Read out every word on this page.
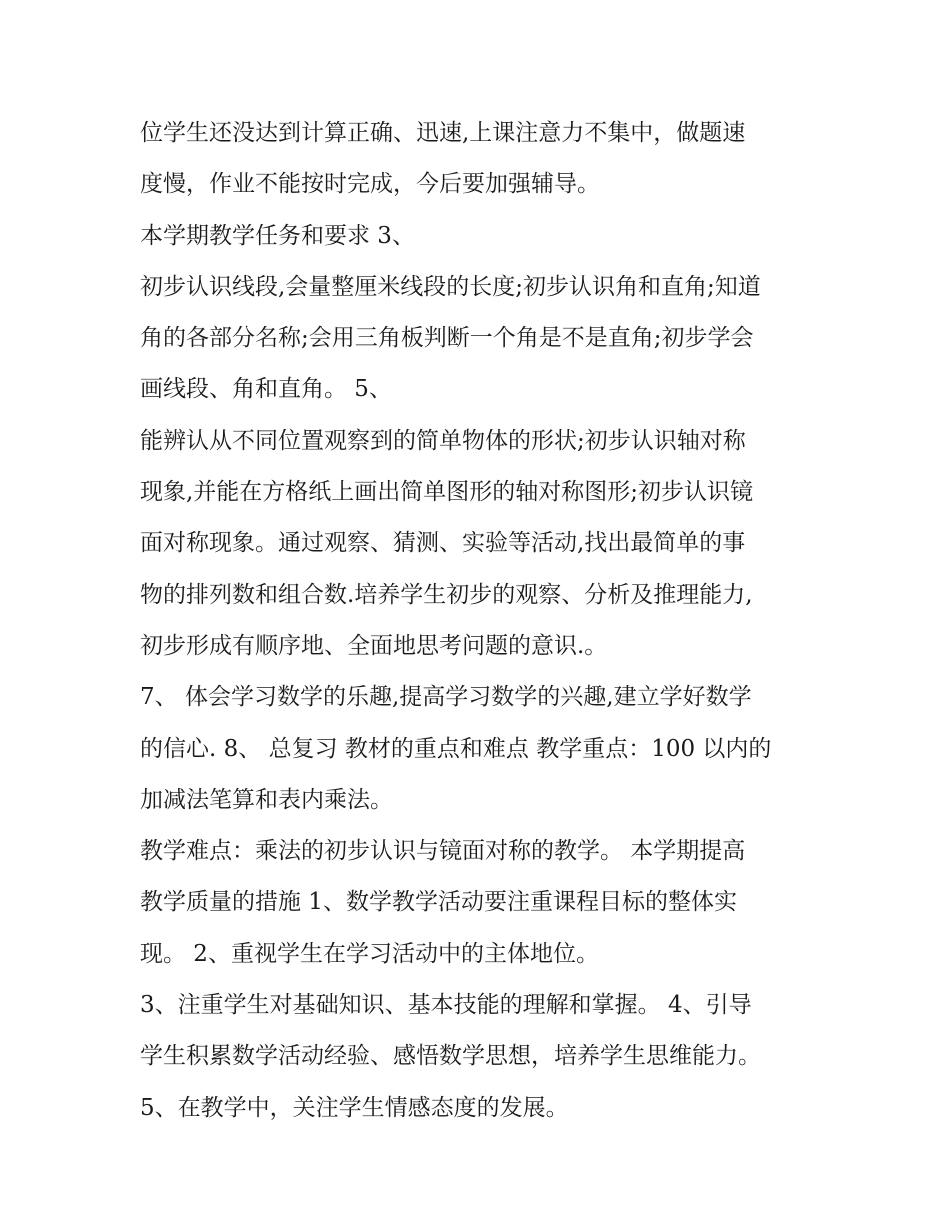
位学生还没达到计算正确、迅速,上课注意力不集中，做题速
度慢，作业不能按时完成，今后要加强辅导。
本学期教学任务和要求 3、
初步认识线段,会量整厘米线段的长度;初步认识角和直角;知道
角的各部分名称;会用三角板判断一个角是不是直角;初步学会
画线段、角和直角。 5、
能辨认从不同位置观察到的简单物体的形状;初步认识轴对称
现象,并能在方格纸上画出简单图形的轴对称图形;初步认识镜
面对称现象。通过观察、猜测、实验等活动,找出最简单的事
物的排列数和组合数.培养学生初步的观察、分析及推理能力,
初步形成有顺序地、全面地思考问题的意识.。
7、 体会学习数学的乐趣,提高学习数学的兴趣,建立学好数学
的信心. 8、 总复习 教材的重点和难点 教学重点：100 以内的
加减法笔算和表内乘法。
教学难点：乘法的初步认识与镜面对称的教学。 本学期提高
教学质量的措施 1、数学教学活动要注重课程目标的整体实
现。 2、重视学生在学习活动中的主体地位。
3、注重学生对基础知识、基本技能的理解和掌握。 4、引导
学生积累数学活动经验、感悟数学思想，培养学生思维能力。
5、在教学中，关注学生情感态度的发展。
